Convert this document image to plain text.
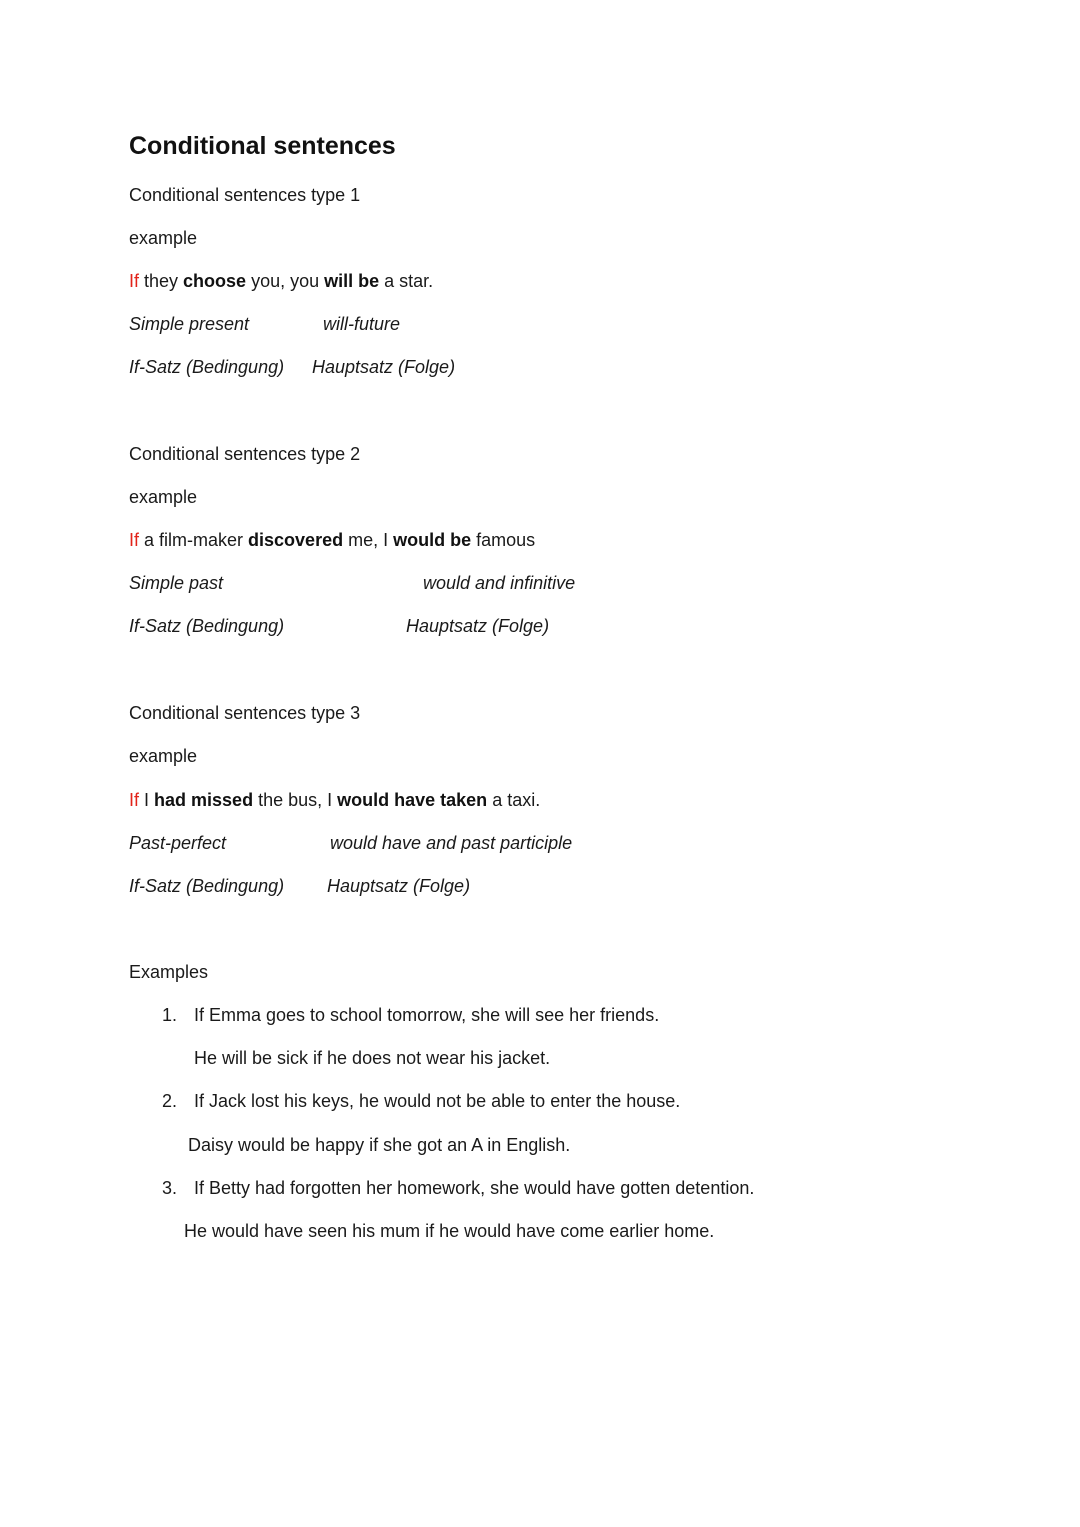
Conditional sentences
Conditional sentences type 1
example
If they choose you, you will be a star.
Simple present	will-future
If-Satz (Bedingung) Hauptsatz (Folge)
Conditional sentences type 2
example
If a film-maker discovered me, I would be famous
Simple past	would and infinitive
If-Satz (Bedingung)	Hauptsatz (Folge)
Conditional sentences type 3
example
If I had missed the bus, I would have taken a taxi.
Past-perfect	would have and past participle
If-Satz (Bedingung) Hauptsatz (Folge)
Examples
1. If Emma goes to school tomorrow, she will see her friends.
He will be sick if he does not wear his jacket.
2. If Jack lost his keys, he would not be able to enter the house.
Daisy would be happy if she got an A in English.
3. If Betty had forgotten her homework, she would have gotten detention.
He would have seen his mum if he would have come earlier home.
